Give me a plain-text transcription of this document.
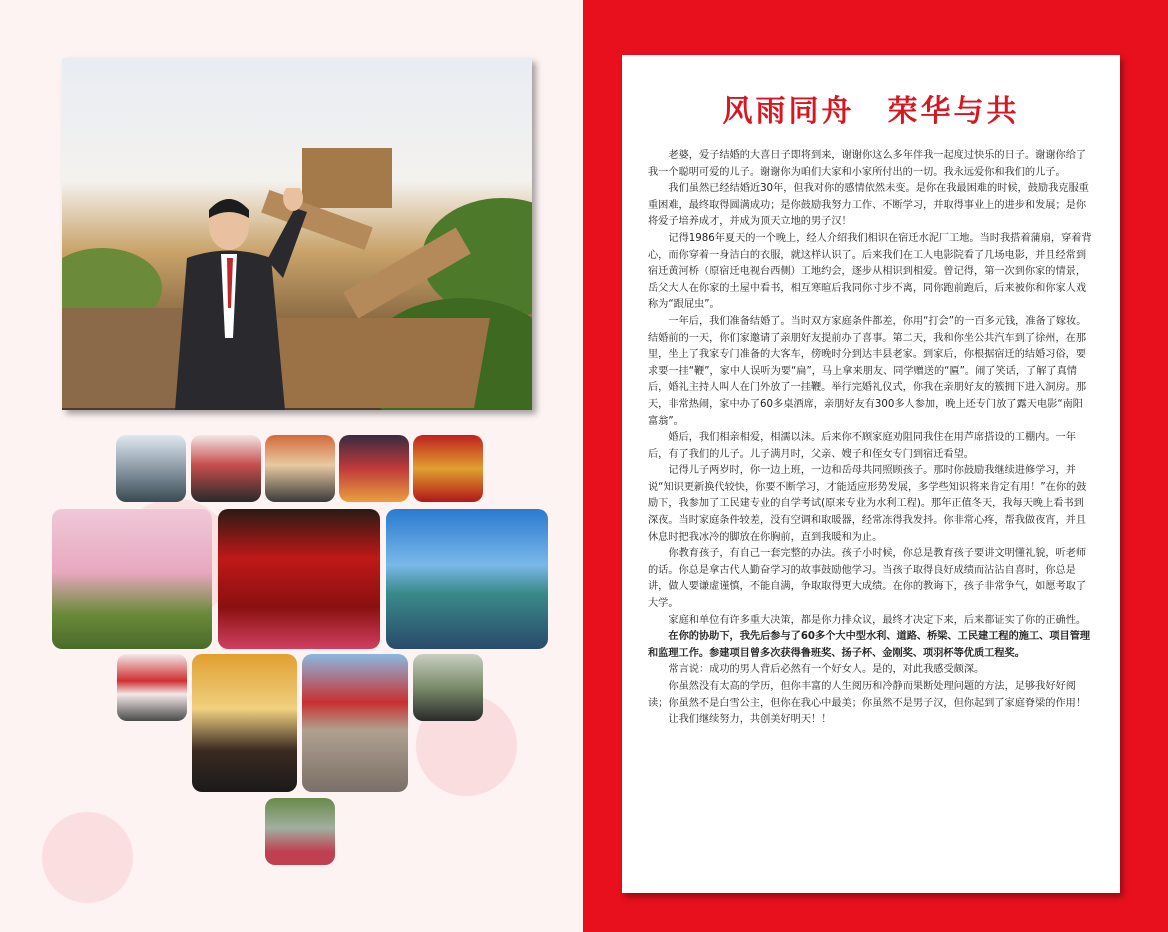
风雨同舟　荣华与共

老婆，爱子结婚的大喜日子即将到来，谢谢你这么多年伴我一起度过快乐的日子。谢谢你给了我一个聪明可爱的儿子。谢谢你为咱们大家和小家所付出的一切。我永远爱你和我们的儿子。

我们虽然已经结婚近30年，但我对你的感情依然未变。是你在我最困难的时候，鼓励我克服重重困难，最终取得圆满成功；是你鼓励我努力工作、不断学习，并取得事业上的进步和发展；是你将爱子培养成才，并成为顶天立地的男子汉！

记得1986年夏天的一个晚上，经人介绍我们相识在宿迁水泥厂工地。当时我搭着蒲扇，穿着背心，而你穿着一身洁白的衣服，就这样认识了。后来我们在工人电影院看了几场电影，并且经常到宿迁黄河桥（原宿迁电视台西侧）工地约会，逐步从相识到相爱。曾记得，第一次到你家的情景，岳父大人在你家的土屋中看书，相互寒暄后我同你寸步不离，同你跑前跑后，后来被你和你家人戏称为“跟屁虫”。

一年后，我们准备结婚了。当时双方家庭条件都差，你用“打会”的一百多元钱，准备了嫁妆。结婚前的一天，你们家邀请了亲朋好友提前办了喜事。第二天，我和你坐公共汽车到了徐州，在那里，坐上了我家专门准备的大客车，傍晚时分到达丰县老家。到家后，你根据宿迁的结婚习俗，要求要一挂“鞭”，家中人误听为要“扁”，马上拿来朋友、同学赠送的“匾”。闹了笑话，了解了真情后，婚礼主持人叫人在门外放了一挂鞭。举行完婚礼仪式，你我在亲朋好友的簇拥下进入洞房。那天，非常热闹，家中办了60多桌酒席，亲朋好友有300多人参加，晚上还专门放了露天电影“南阳富翁”。

婚后，我们相亲相爱，相濡以沫。后来你不顾家庭劝阻同我住在用芦席搭设的工棚内。一年后，有了我们的儿子。儿子满月时，父亲、嫂子和侄女专门到宿迁看望。

记得儿子两岁时，你一边上班，一边和岳母共同照顾孩子。那时你鼓励我继续进修学习，并说“知识更新换代较快，你要不断学习，才能适应形势发展，多学些知识将来肯定有用！”在你的鼓励下，我参加了工民建专业的自学考试(原来专业为水利工程)。那年正值冬天，我每天晚上看书到深夜。当时家庭条件较差，没有空调和取暖器，经常冻得我发抖。你非常心疼，帮我做夜宵，并且休息时把我冰冷的脚放在你胸前，直到我暖和为止。

你教育孩子，有自己一套完整的办法。孩子小时候，你总是教育孩子要讲文明懂礼貌，听老师的话。你总是拿古代人勤奋学习的故事鼓励他学习。当孩子取得良好成绩而沾沾自喜时，你总是讲，做人要谦虚谨慎，不能自满，争取取得更大成绩。在你的教诲下，孩子非常争气，如愿考取了大学。

家庭和单位有许多重大决策，都是你力排众议，最终才决定下来，后来都证实了你的正确性。

在你的协助下，我先后参与了60多个大中型水利、道路、桥梁、工民建工程的施工、项目管理和监理工作。参建项目曾多次获得鲁班奖、扬子杯、金刚奖、项羽杯等优质工程奖。

常言说：成功的男人背后必然有一个好女人。是的，对此我感受颇深。

你虽然没有太高的学历，但你丰富的人生阅历和冷静而果断处理问题的方法，足够我好好阅读；你虽然不是白雪公主，但你在我心中最美；你虽然不是男子汉，但你起到了家庭脊梁的作用！

让我们继续努力，共创美好明天！！
